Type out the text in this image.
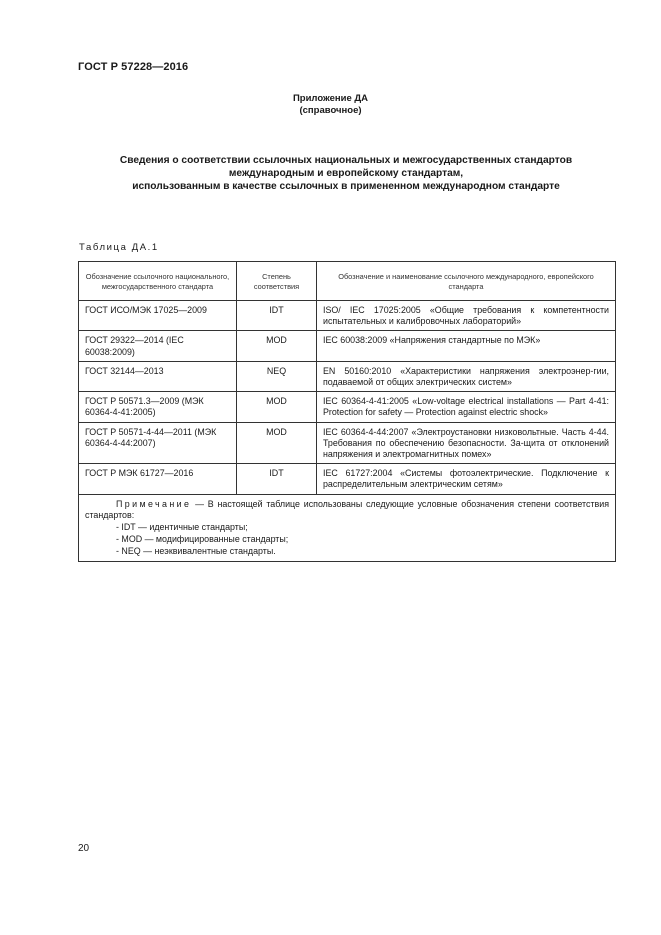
ГОСТ Р 57228—2016
Приложение ДА
(справочное)
Сведения о соответствии ссылочных национальных и межгосударственных стандартов
международным и европейскому стандартам,
использованным в качестве ссылочных в примененном международном стандарте
Таблица ДА.1
Обозначение ссылочного национального, межгосударственного стандарта	Степень соответствия	Обозначение и наименование ссылочного международного, европейского стандарта
ГОСТ ИСО/МЭК 17025—2009	IDT	ISO/ IEC 17025:2005 «Общие требования к компетентности испытательных и калибровочных лабораторий»
ГОСТ 29322—2014 (IEC 60038:2009)	MOD	IEC 60038:2009 «Напряжения стандартные по МЭК»
ГОСТ 32144—2013	NEQ	EN 50160:2010 «Характеристики напряжения электроэнер-гии, подаваемой от общих электрических систем»
ГОСТ Р 50571.3—2009 (МЭК 60364-4-41:2005)	MOD	IEC 60364-4-41:2005 «Low-voltage electrical installations — Part 4-41: Protection for safety — Protection against electric shock»
ГОСТ Р 50571-4-44—2011 (МЭК 60364-4-44:2007)	MOD	IEC 60364-4-44:2007 «Электроустановки низковольтные. Часть 4-44. Требования по обеспечению безопасности. За-щита от отклонений напряжения и электромагнитных помех»
ГОСТ Р МЭК 61727—2016	IDT	IEC 61727:2004 «Системы фотоэлектрические. Подключение к распределительным электрическим сетям»

Примечание — В настоящей таблице использованы следующие условные обозначения степени соответствия стандартов:
- IDT — идентичные стандарты;
- MOD — модифицированные стандарты;
- NEQ — неэквивалентные стандарты.		
20
